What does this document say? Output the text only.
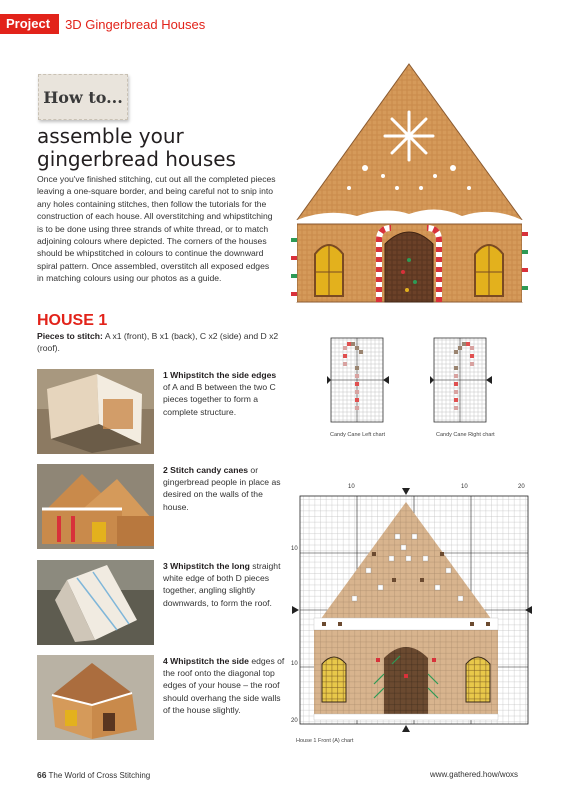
Project	3D Gingerbread Houses
How to...
assemble your gingerbread houses
Once you've finished stitching, cut out all the completed pieces leaving a one-square border, and being careful not to snip into any holes containing stitches, then follow the tutorials for the construction of each house. All overstitching and whipstitching is to be done using three strands of white thread, or to match adjoining colours where depicted. The corners of the houses should be whipstitched in colours to continue the downward spiral pattern. Once assembled, overstitch all exposed edges in matching colours using our photos as a guide.
HOUSE 1
Pieces to stitch: A x1 (front), B x1 (back), C x2 (side) and D x2 (roof).
1 Whipstitch the side edges of A and B between the two C pieces together to form a complete structure.
2 Stitch candy canes or gingerbread people in place as desired on the walls of the house.
3 Whipstitch the long straight white edge of both D pieces together, angling slightly downwards, to form the roof.
4 Whipstitch the side edges of the roof onto the diagonal top edges of your house – the roof should overhang the side walls of the house slightly.
Candy Cane Left chart	Candy Cane Right chart
10	10	20
10
10
20
House 1 Front (A) chart
66 The World of Cross Stitching	www.gathered.how/woxs
